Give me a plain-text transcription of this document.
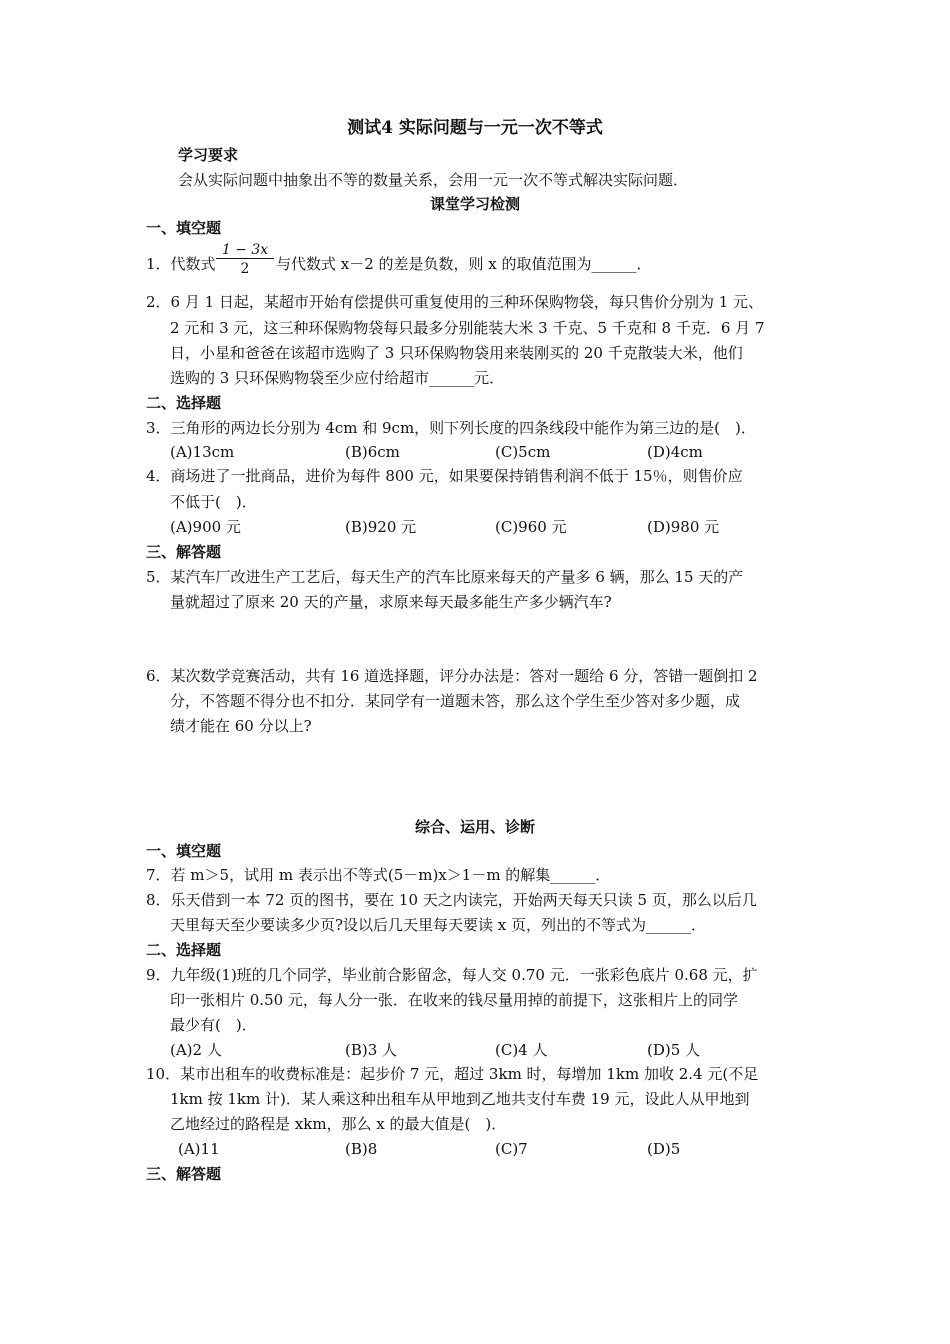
测试4 实际问题与一元一次不等式
学习要求
会从实际问题中抽象出不等的数量关系，会用一元一次不等式解决实际问题．
课堂学习检测
一、填空题
1．代数式 $\frac{1 - 3x}{2}$ 与代数式 x－2 的差是负数，则 x 的取值范围为______．
2．6 月 1 日起，某超市开始有偿提供可重复使用的三种环保购物袋，每只售价分别为 1 元、
2 元和 3 元，这三种环保购物袋每只最多分别能装大米 3 千克、5 千克和 8 千克．6 月 7
日，小星和爸爸在该超市选购了 3 只环保购物袋用来装刚买的 20 千克散装大米，他们
选购的 3 只环保购物袋至少应付给超市______元．
二、选择题
3．三角形的两边长分别为 4cm 和 9cm，则下列长度的四条线段中能作为第三边的是(　)．
(A)13cm	(B)6cm	(C)5cm	(D)4cm
4．商场进了一批商品，进价为每件 800 元，如果要保持销售利润不低于 15％，则售价应
不低于(　)．
(A)900 元	(B)920 元	(C)960 元	(D)980 元
三、解答题
5．某汽车厂改进生产工艺后，每天生产的汽车比原来每天的产量多 6 辆，那么 15 天的产
量就超过了原来 20 天的产量，求原来每天最多能生产多少辆汽车?
6．某次数学竞赛活动，共有 16 道选择题，评分办法是：答对一题给 6 分，答错一题倒扣 2
分，不答题不得分也不扣分．某同学有一道题未答，那么这个学生至少答对多少题，成
绩才能在 60 分以上?
综合、运用、诊断
一、填空题
7．若 m＞5，试用 m 表示出不等式(5－m)x＞1－m 的解集______．
8．乐天借到一本 72 页的图书，要在 10 天之内读完，开始两天每天只读 5 页，那么以后几
天里每天至少要读多少页?设以后几天里每天要读 x 页，列出的不等式为______．
二、选择题
9．九年级(1)班的几个同学，毕业前合影留念，每人交 0.70 元．一张彩色底片 0.68 元，扩
印一张相片 0.50 元，每人分一张．在收来的钱尽量用掉的前提下，这张相片上的同学
最少有(　)．
(A)2 人	(B)3 人	(C)4 人	(D)5 人
10．某市出租车的收费标准是：起步价 7 元，超过 3km 时，每增加 1km 加收 2.4 元(不足
1km 按 1km 计)．某人乘这种出租车从甲地到乙地共支付车费 19 元，设此人从甲地到
乙地经过的路程是 xkm，那么 x 的最大值是(　)．
(A)11	(B)8	(C)7	(D)5
三、解答题
